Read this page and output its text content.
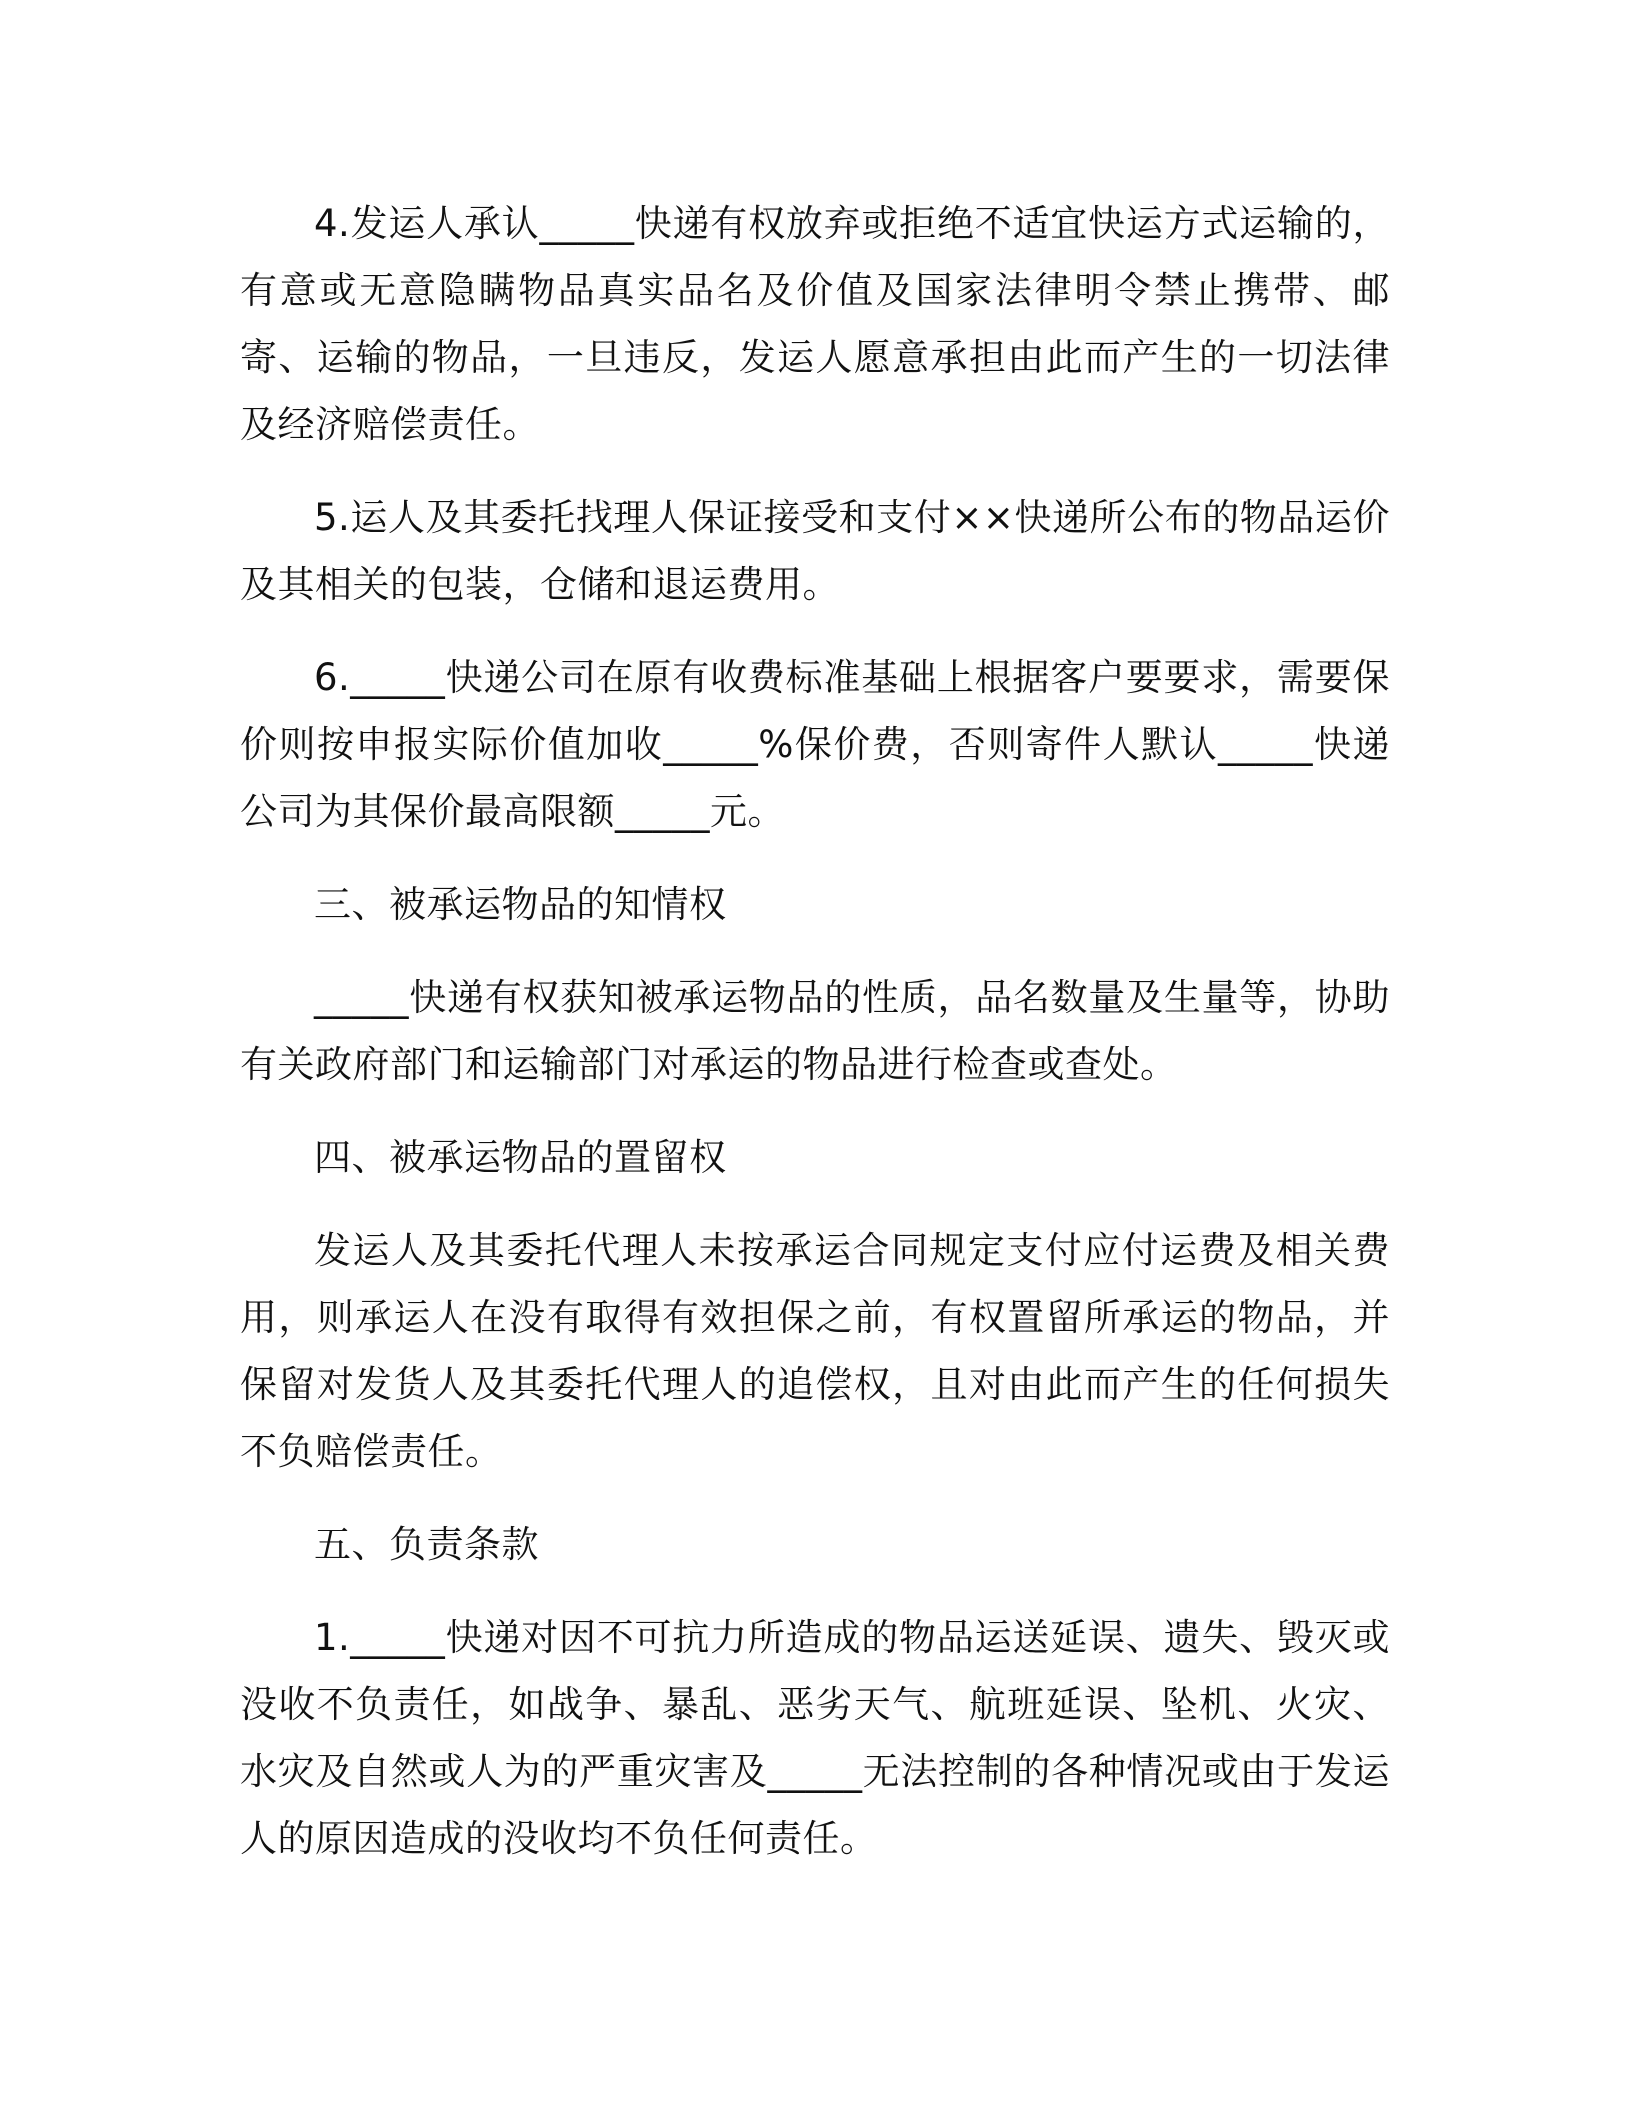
4.发运人承认_____快递有权放弃或拒绝不适宜快运方式运输的，有意或无意隐瞒物品真实品名及价值及国家法律明令禁止携带、邮寄、运输的物品，一旦违反，发运人愿意承担由此而产生的一切法律及经济赔偿责任。

5.运人及其委托找理人保证接受和支付××快递所公布的物品运价及其相关的包装，仓储和退运费用。

6._____快递公司在原有收费标准基础上根据客户要要求，需要保价则按申报实际价值加收_____%保价费，否则寄件人默认_____快递公司为其保价最高限额_____元。

三、被承运物品的知情权

_____快递有权获知被承运物品的性质，品名数量及生量等，协助有关政府部门和运输部门对承运的物品进行检查或查处。

四、被承运物品的置留权

发运人及其委托代理人未按承运合同规定支付应付运费及相关费用，则承运人在没有取得有效担保之前，有权置留所承运的物品，并保留对发货人及其委托代理人的追偿权，且对由此而产生的任何损失不负赔偿责任。

五、负责条款

1._____快递对因不可抗力所造成的物品运送延误、遗失、毁灭或没收不负责任，如战争、暴乱、恶劣天气、航班延误、坠机、火灾、水灾及自然或人为的严重灾害及_____无法控制的各种情况或由于发运人的原因造成的没收均不负任何责任。
